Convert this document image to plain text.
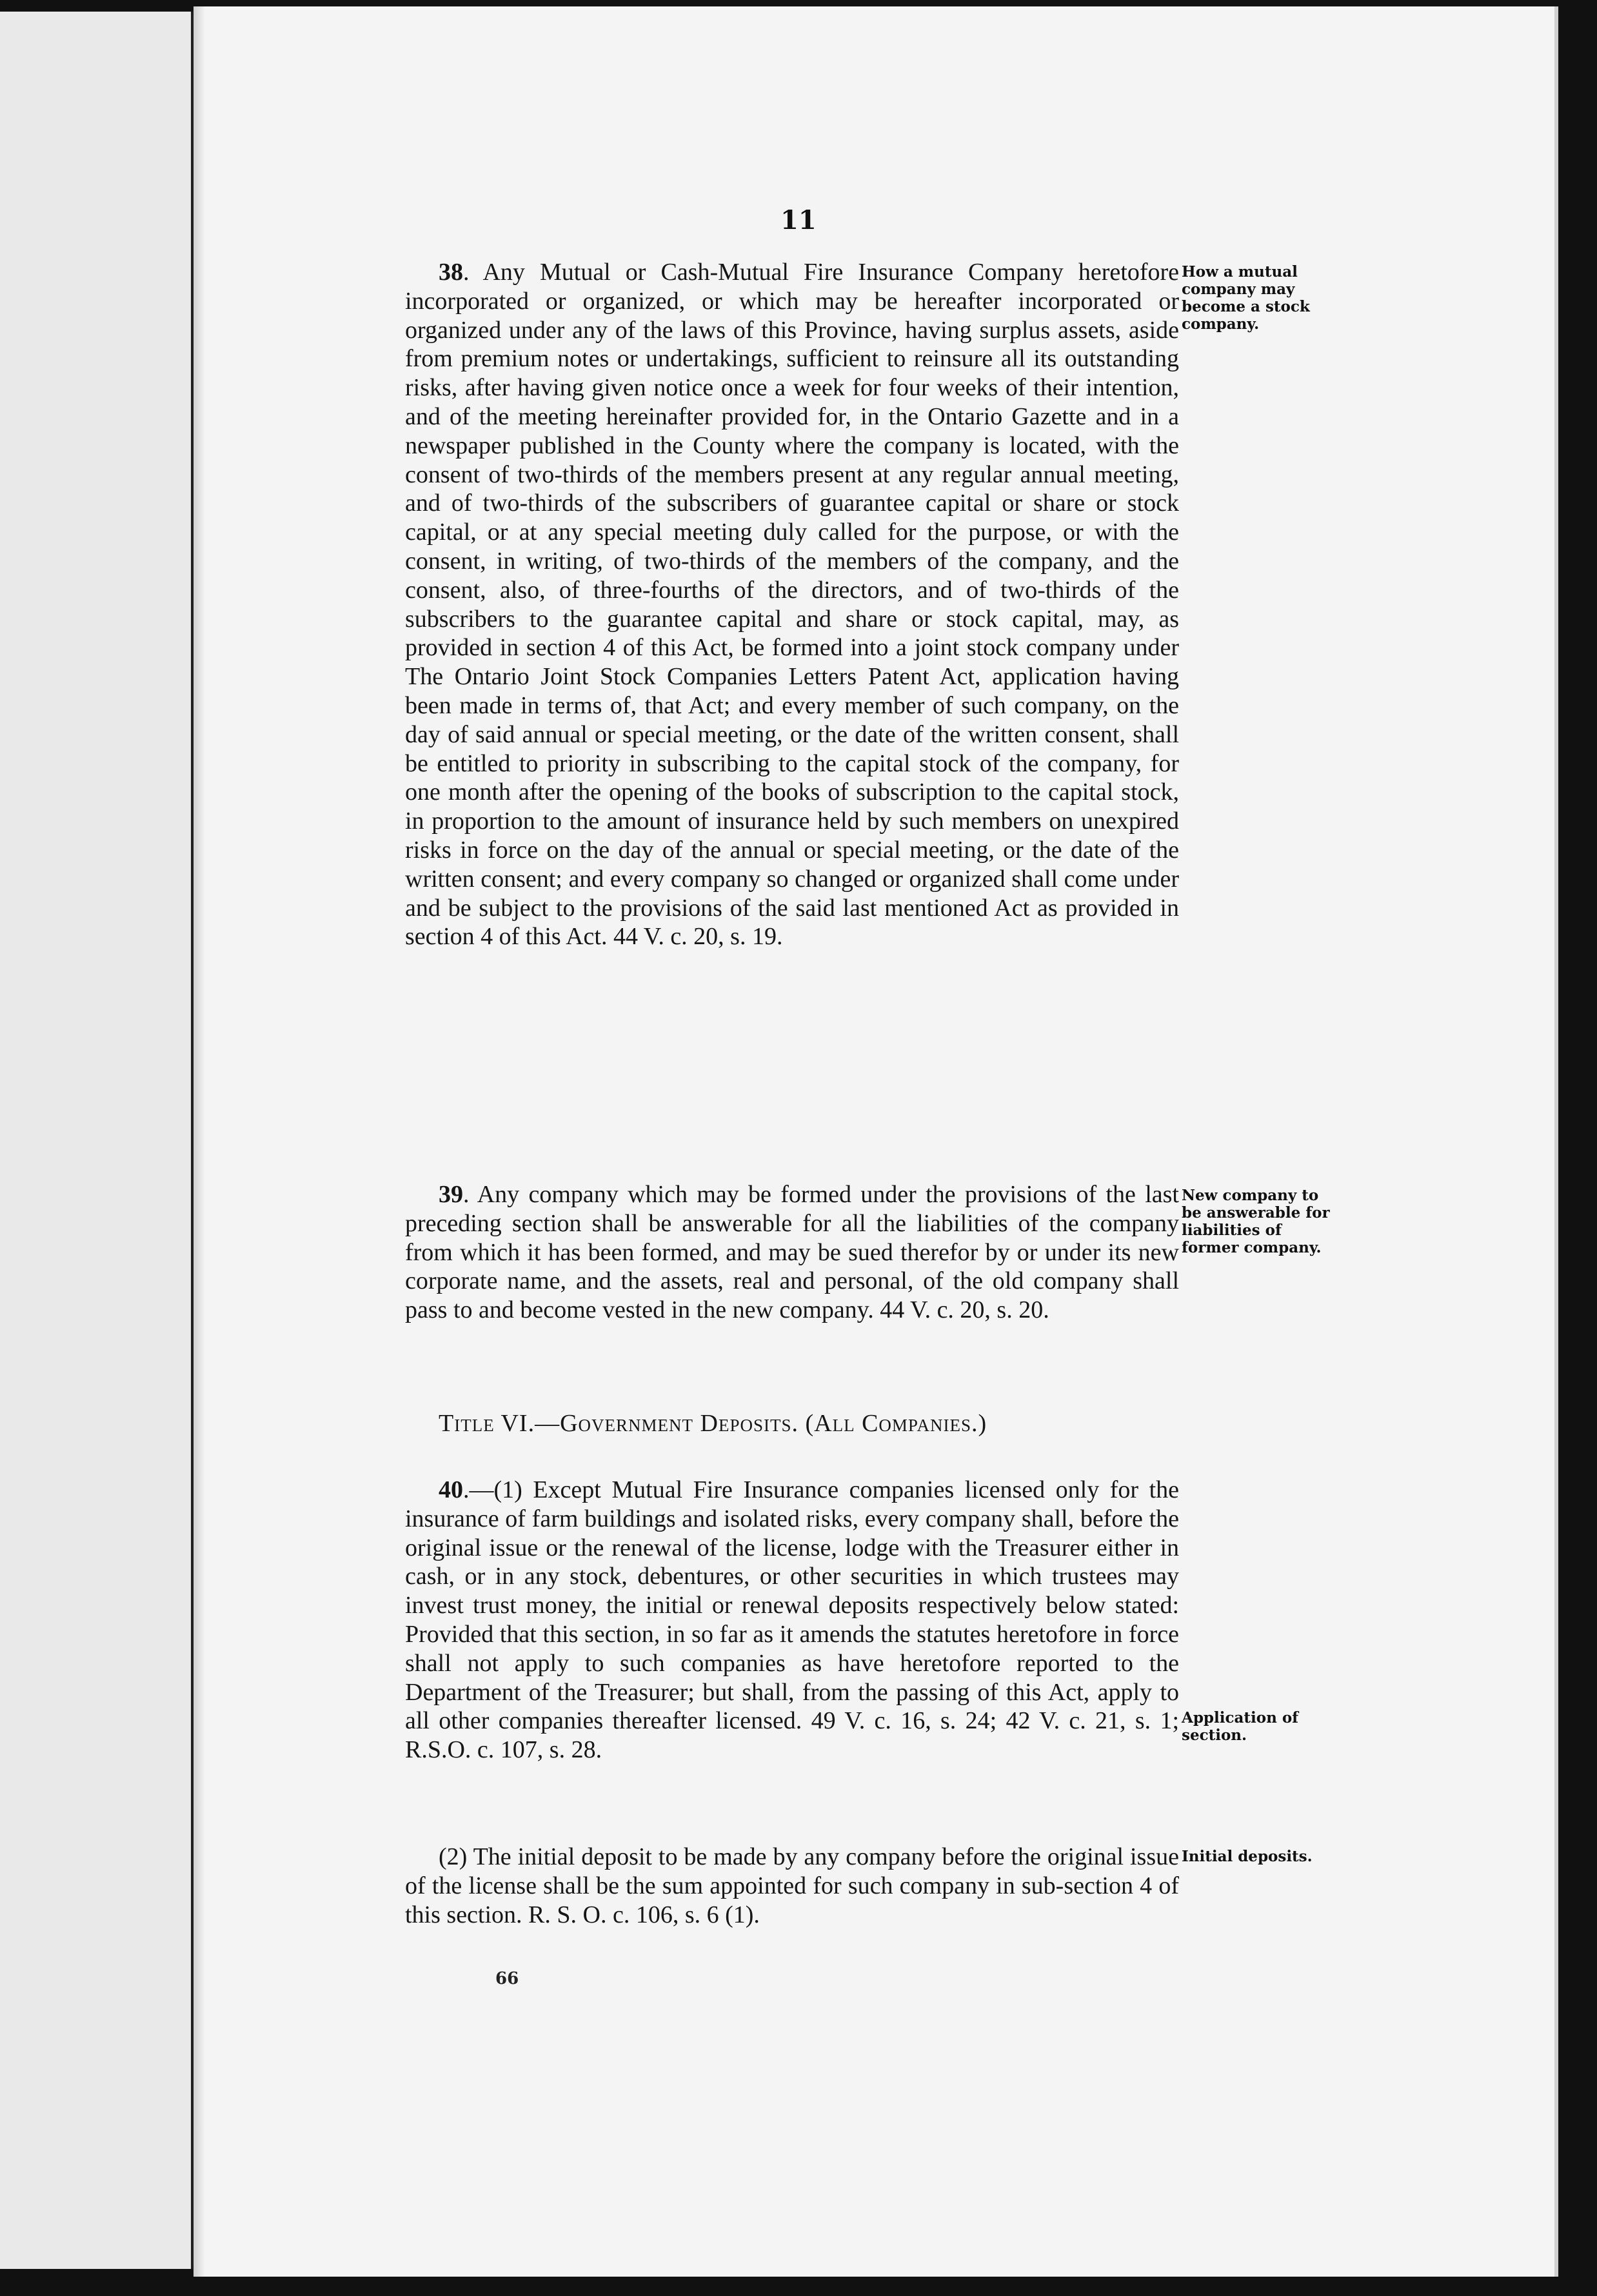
11

38. Any Mutual or Cash-Mutual Fire Insurance Company heretofore incorporated or organized, or which may be hereafter incorporated or organized under any of the laws of this Province, having surplus assets, aside from premium notes or undertakings, sufficient to reinsure all its outstanding risks, after having given notice once a week for four weeks of their intention, and of the meeting hereinafter provided for, in the Ontario Gazette and in a newspaper published in the County where the company is located, with the consent of two-thirds of the members present at any regular annual meeting, and of two-thirds of the subscribers of guarantee capital or share or stock capital, or at any special meeting duly called for the purpose, or with the consent, in writing, of two-thirds of the members of the company, and the consent, also, of three-fourths of the directors, and of two-thirds of the subscribers to the guarantee capital and share or stock capital, may, as provided in section 4 of this Act, be formed into a joint stock company under The Ontario Joint Stock Companies Letters Patent Act, application having been made in terms of, that Act; and every member of such company, on the day of said annual or special meeting, or the date of the written consent, shall be entitled to priority in subscribing to the capital stock of the company, for one month after the opening of the books of subscription to the capital stock, in proportion to the amount of insurance held by such members on unexpired risks in force on the day of the annual or special meeting, or the date of the written consent; and every company so changed or organized shall come under and be subject to the provisions of the said last mentioned Act as provided in section 4 of this Act. 44 V. c. 20, s. 19.

How a mutual company may become a stock company.

39. Any company which may be formed under the provisions of the last preceding section shall be answerable for all the liabilities of the company from which it has been formed, and may be sued therefor by or under its new corporate name, and the assets, real and personal, of the old company shall pass to and become vested in the new company. 44 V. c. 20, s. 20.

New company to be answerable for liabilities of former company.
Title VI.—Government Deposits. (All Companies.)

40.—(1) Except Mutual Fire Insurance companies licensed only for the insurance of farm buildings and isolated risks, every company shall, before the original issue or the renewal of the license, lodge with the Treasurer either in cash, or in any stock, debentures, or other securities in which trustees may invest trust money, the initial or renewal deposits respectively below stated: Provided that this section, in so far as it amends the statutes heretofore in force shall not apply to such companies as have heretofore reported to the Department of the Treasurer; but shall, from the passing of this Act, apply to all other companies thereafter licensed. 49 V. c. 16, s. 24; 42 V. c. 21, s. 1; R.S.O. c. 107, s. 28.

Application of section.

(2) The initial deposit to be made by any company before the original issue of the license shall be the sum appointed for such company in sub-section 4 of this section. R. S. O. c. 106, s. 6 (1).

Initial deposits.
66
